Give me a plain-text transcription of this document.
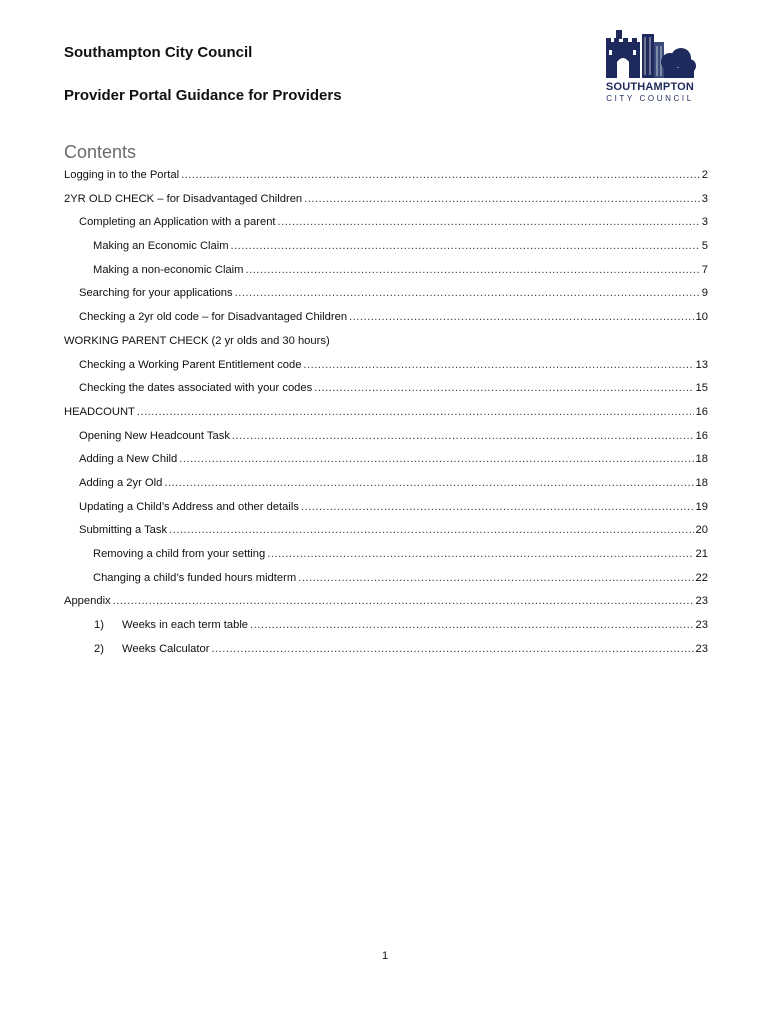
Southampton City Council
Provider Portal Guidance for Providers	SOUTHAMPTON
CITY COUNCIL
Contents
Logging in to the Portal .....	2
2YR OLD CHECK – for Disadvantaged Children .....	3
Completing an Application with a parent .....	3
Making an Economic Claim .....	5
Making a non-economic Claim .....	7
Searching for your applications .....	9
Checking a 2yr old code – for Disadvantaged Children .....	10
WORKING PARENT CHECK (2 yr olds and 30 hours)
Checking a Working Parent Entitlement code .....	13
Checking the dates associated with your codes .....	15
HEADCOUNT .....	16
Opening New Headcount Task .....	16
Adding a New Child .....	18
Adding a 2yr Old .....	18
Updating a Child’s Address and other details .....	19
Submitting a Task .....	20
Removing a child from your setting .....	21
Changing a child’s funded hours midterm .....	22
Appendix .....	23
1)	Weeks in each term table .....	23
2)	Weeks Calculator .....	23
1
